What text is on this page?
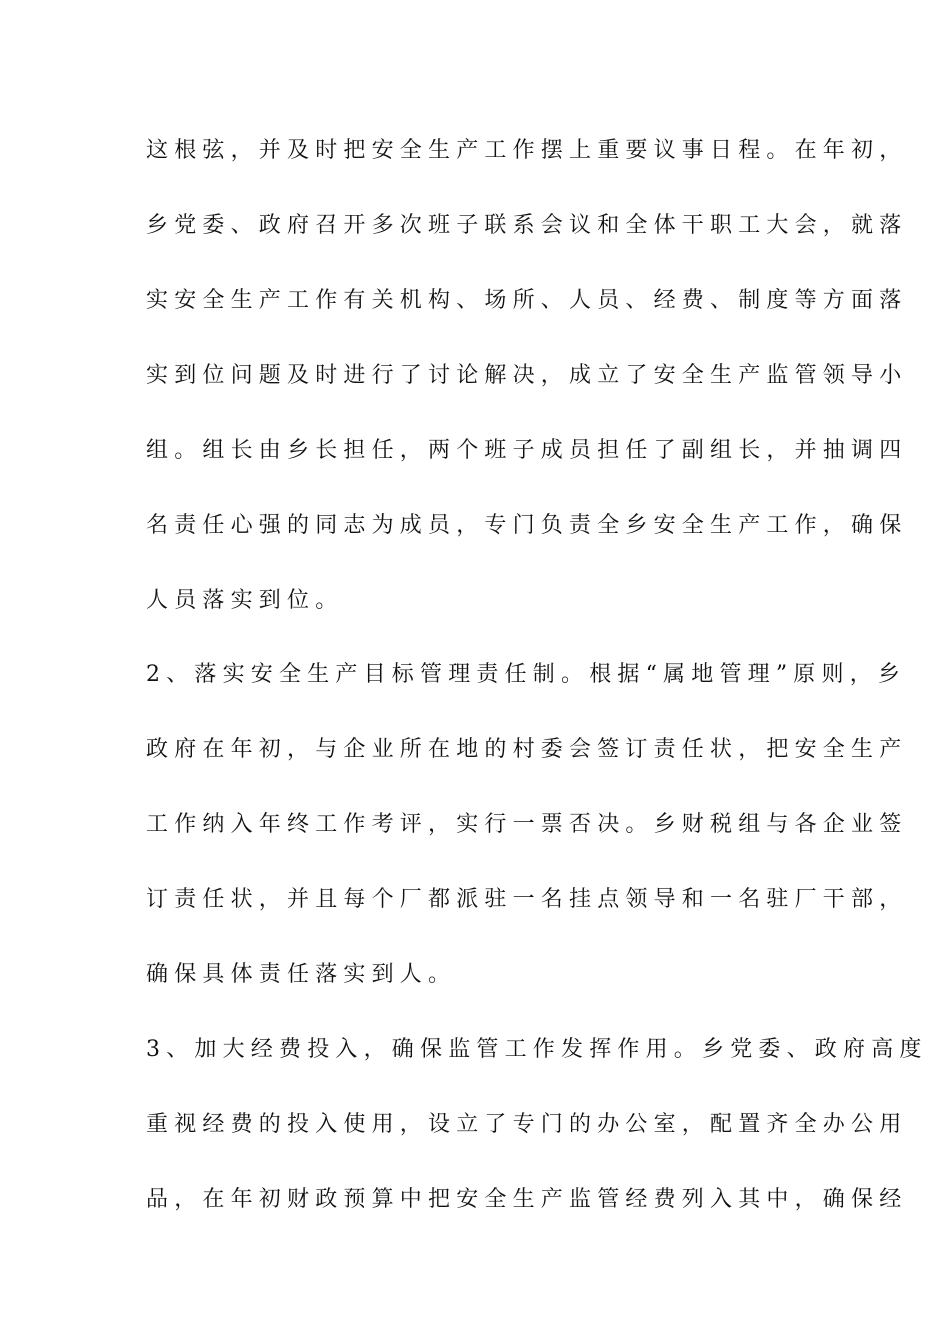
这根弦，并及时把安全生产工作摆上重要议事日程。在年初，
乡党委、政府召开多次班子联系会议和全体干职工大会，就落
实安全生产工作有关机构、场所、人员、经费、制度等方面落
实到位问题及时进行了讨论解决，成立了安全生产监管领导小
组。组长由乡长担任，两个班子成员担任了副组长，并抽调四
名责任心强的同志为成员，专门负责全乡安全生产工作，确保
人员落实到位。
2、落实安全生产目标管理责任制。根据“属地管理”原则，乡
政府在年初，与企业所在地的村委会签订责任状，把安全生产
工作纳入年终工作考评，实行一票否决。乡财税组与各企业签
订责任状，并且每个厂都派驻一名挂点领导和一名驻厂干部，
确保具体责任落实到人。
3、加大经费投入，确保监管工作发挥作用。乡党委、政府高度
重视经费的投入使用，设立了专门的办公室，配置齐全办公用
品，在年初财政预算中把安全生产监管经费列入其中，确保经
